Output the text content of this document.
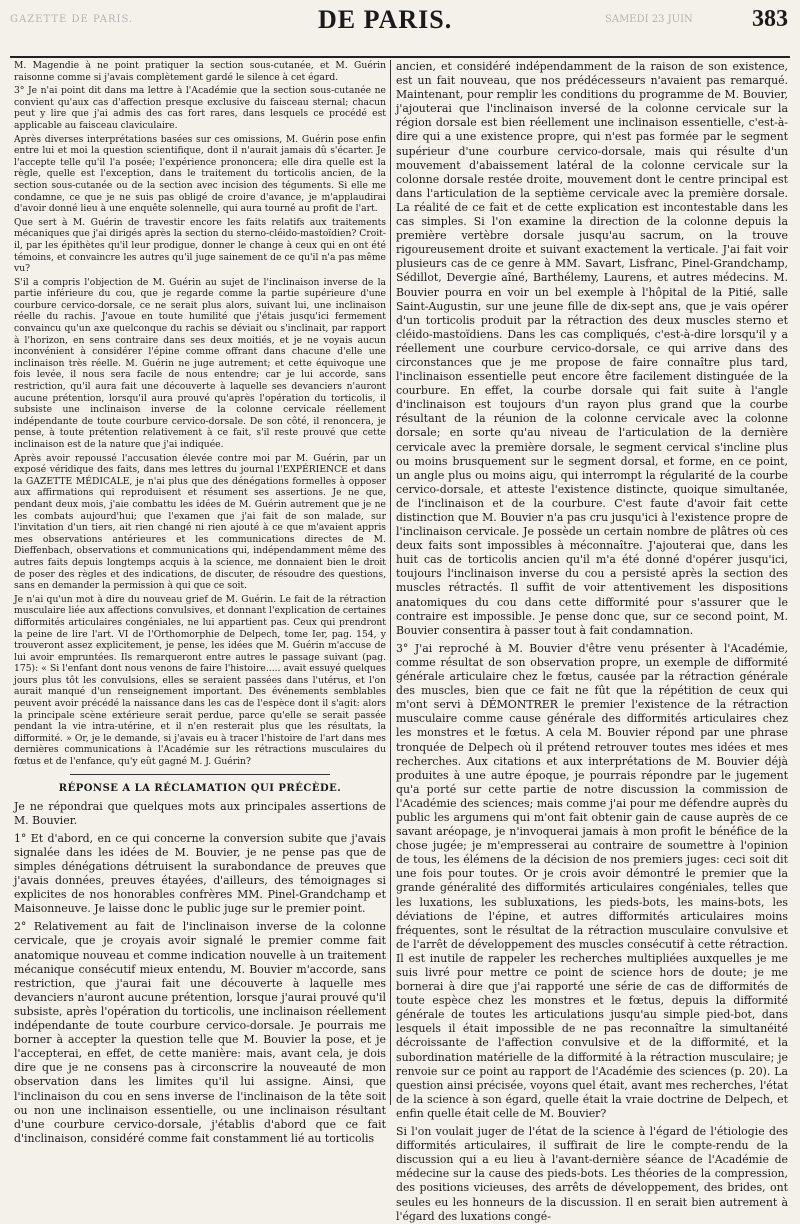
GAZETTE DE PARIS.	DE PARIS.	SAMEDI 23 JUIN 383

M. Magendie à ne point pratiquer la section sous-cutanée, et M. Guérin raisonne comme si j'avais complètement gardé le silence à cet égard.

3° Je n'ai point dit dans ma lettre à l'Académie que la section sous-cutanée ne convient qu'aux cas d'affection presque exclusive du faisceau sternal; chacun peut y lire que j'ai admis des cas fort rares, dans lesquels ce procédé est applicable au faisceau claviculaire.

Après diverses interprétations basées sur ces omissions, M. Guérin pose enfin entre lui et moi la question scientifique, dont il n'aurait jamais dû s'écarter. Je l'accepte telle qu'il l'a posée; l'expérience prononcera; elle dira quelle est la règle, quelle est l'exception, dans le traitement du torticolis ancien, de la section sous-cutanée ou de la section avec incision des téguments. Si elle me condamne, ce que je ne suis pas obligé de croire d'avance, je m'applaudirai d'avoir donné lieu à une enquête solennelle, qui aura tourné au profit de l'art.

Que sert à M. Guérin de travestir encore les faits relatifs aux traitements mécaniques que j'ai dirigés après la section du sterno-cléido-mastoïdien? Croit-il, par les épithètes qu'il leur prodigue, donner le change à ceux qui en ont été témoins, et convaincre les autres qu'il juge sainement de ce qu'il n'a pas même vu?

S'il a compris l'objection de M. Guérin au sujet de l'inclinaison inverse de la partie inférieure du cou, que je regarde comme la partie supérieure d'une courbure cervico-dorsale, ce ne serait plus alors, suivant lui, une inclinaison réelle du rachis. J'avoue en toute humilité que j'étais jusqu'ici fermement convaincu qu'un axe quelconque du rachis se déviait ou s'inclinait, par rapport à l'horizon, en sens contraire dans ses deux moitiés, et je ne voyais aucun inconvénient à considérer l'épine comme offrant dans chacune d'elle une inclinaison très réelle. M. Guérin ne juge autrement; et cette équivoque une fois levée, il nous sera facile de nous entendre; car je lui accorde, sans restriction, qu'il aura fait une découverte à laquelle ses devanciers n'auront aucune prétention, lorsqu'il aura prouvé qu'après l'opération du torticolis, il subsiste une inclinaison inverse de la colonne cervicale réellement indépendante de toute courbure cervico-dorsale. De son côté, il renoncera, je pense, à toute prétention relativement à ce fait, s'il reste prouvé que cette inclinaison est de la nature que j'ai indiquée.

Après avoir repoussé l'accusation élevée contre moi par M. Guérin, par un exposé véridique des faits, dans mes lettres du journal l'EXPÉRIENCE et dans la GAZETTE MÉDICALE, je n'ai plus que des dénégations formelles à opposer aux affirmations qui reproduisent et résument ses assertions. Je ne que, pendant deux mois, j'aie combattu les idées de M. Guérin autrement que je ne les combats aujourd'hui; que l'examen que j'ai fait de son malade, sur l'invitation d'un tiers, ait rien changé ni rien ajouté à ce que m'avaient appris mes observations antérieures et les communications directes de M. Dieffenbach, observations et communications qui, indépendamment même des autres faits depuis longtemps acquis à la science, me donnaient bien le droit de poser des règles et des indications, de discuter, de résoudre des questions, sans en demander la permission à qui que ce soit.

Je n'ai qu'un mot à dire du nouveau grief de M. Guérin. Le fait de la rétraction musculaire liée aux affections convulsives, et donnant l'explication de certaines difformités articulaires congéniales, ne lui appartient pas. Ceux qui prendront la peine de lire l'art. VI de l'Orthomorphie de Delpech, tome Ier, pag. 154, y trouveront assez explicitement, je pense, les idées que M. Guérin m'accuse de lui avoir empruntées. Ils remarqueront entre autres le passage suivant (pag. 175): « Si l'enfant dont nous venons de faire l'histoire..... avait essuyé quelques jours plus tôt les convulsions, elles se seraient passées dans l'utérus, et l'on aurait manqué d'un renseignement important. Des événements semblables peuvent avoir précédé la naissance dans les cas de l'espèce dont il s'agit: alors la principale scène extérieure serait perdue, parce qu'elle se serait passée pendant la vie intra-utérine, et il n'en resterait plus que les résultats, la difformité. » Or, je le demande, si j'avais eu à tracer l'histoire de l'art dans mes dernières communications à l'Académie sur les rétractions musculaires du fœtus et de l'enfance, qu'y eût gagné M. J. Guérin?

RÉPONSE A LA RÉCLAMATION QUI PRÉCÈDE.

Je ne répondrai que quelques mots aux principales assertions de M. Bouvier.

1° Et d'abord, en ce qui concerne la conversion subite que j'avais signalée dans les idées de M. Bouvier, je ne pense pas que de simples dénégations détruisent la surabondance de preuves que j'avais données, preuves étayées, d'ailleurs, des témoignages si explicites de nos honorables confrères MM. Pinel-Grandchamp et Maisonneuve. Je laisse donc le public juge sur le premier point.

2° Relativement au fait de l'inclinaison inverse de la colonne cervicale, que je croyais avoir signalé le premier comme fait anatomique nouveau et comme indication nouvelle à un traitement mécanique consécutif mieux entendu, M. Bouvier m'accorde, sans restriction, que j'aurai fait une découverte à laquelle mes devanciers n'auront aucune prétention, lorsque j'aurai prouvé qu'il subsiste, après l'opération du torticolis, une inclinaison réellement indépendante de toute courbure cervico-dorsale. Je pourrais me borner à accepter la question telle que M. Bouvier la pose, et je l'accepterai, en effet, de cette manière: mais, avant cela, je dois dire que je ne consens pas à circonscrire la nouveauté de mon observation dans les limites qu'il lui assigne. Ainsi, que l'inclinaison du cou en sens inverse de l'inclinaison de la tête soit ou non une inclinaison essentielle, ou une inclinaison résultant d'une courbure cervico-dorsale, j'établis d'abord que ce fait d'inclinaison, considéré comme fait constamment lié au torticolis

ancien, et considéré indépendamment de la raison de son existence, est un fait nouveau, que nos prédécesseurs n'avaient pas remarqué. Maintenant, pour remplir les conditions du programme de M. Bouvier, j'ajouterai que l'inclinaison inversé de la colonne cervicale sur la région dorsale est bien réellement une inclinaison essentielle, c'est-à-dire qui a une existence propre, qui n'est pas formée par le segment supérieur d'une courbure cervico-dorsale, mais qui résulte d'un mouvement d'abaissement latéral de la colonne cervicale sur la colonne dorsale restée droite, mouvement dont le centre principal est dans l'articulation de la septième cervicale avec la première dorsale. La réalité de ce fait et de cette explication est incontestable dans les cas simples. Si l'on examine la direction de la colonne depuis la première vertèbre dorsale jusqu'au sacrum, on la trouve rigoureusement droite et suivant exactement la verticale. J'ai fait voir plusieurs cas de ce genre à MM. Savart, Lisfranc, Pinel-Grandchamp, Sédillot, Devergie aîné, Barthélemy, Laurens, et autres médecins. M. Bouvier pourra en voir un bel exemple à l'hôpital de la Pitié, salle Saint-Augustin, sur une jeune fille de dix-sept ans, que je vais opérer d'un torticolis produit par la rétraction des deux muscles sterno et cléido-mastoïdiens. Dans les cas compliqués, c'est-à-dire lorsqu'il y a réellement une courbure cervico-dorsale, ce qui arrive dans des circonstances que je me propose de faire connaître plus tard, l'inclinaison essentielle peut encore être facilement distinguée de la courbure. En effet, la courbe dorsale qui fait suite à l'angle d'inclinaison est toujours d'un rayon plus grand que la courbe résultant de la réunion de la colonne cervicale avec la colonne dorsale; en sorte qu'au niveau de l'articulation de la dernière cervicale avec la première dorsale, le segment cervical s'incline plus ou moins brusquement sur le segment dorsal, et forme, en ce point, un angle plus ou moins aigu, qui interrompt la régularité de la courbe cervico-dorsale, et atteste l'existence distincte, quoique simultanée, de l'inclinaison et de la courbure. C'est faute d'avoir fait cette distinction que M. Bouvier n'a pas cru jusqu'ici à l'existence propre de l'inclinaison cervicale. Je possède un certain nombre de plâtres où ces deux faits sont impossibles à méconnaître. J'ajouterai que, dans les huit cas de torticolis ancien qu'il m'a été donné d'opérer jusqu'ici, toujours l'inclinaison inverse du cou a persisté après la section des muscles rétractés. Il suffit de voir attentivement les dispositions anatomiques du cou dans cette difformité pour s'assurer que le contraire est impossible. Je pense donc que, sur ce second point, M. Bouvier consentira à passer tout à fait condamnation.

3° J'ai reproché à M. Bouvier d'être venu présenter à l'Académie, comme résultat de son observation propre, un exemple de difformité générale articulaire chez le fœtus, causée par la rétraction générale des muscles, bien que ce fait ne fût que la répétition de ceux qui m'ont servi à DÉMONTRER le premier l'existence de la rétraction musculaire comme cause générale des difformités articulaires chez les monstres et le fœtus. A cela M. Bouvier répond par une phrase tronquée de Delpech où il prétend retrouver toutes mes idées et mes recherches. Aux citations et aux interprétations de M. Bouvier déjà produites à une autre époque, je pourrais répondre par le jugement qu'a porté sur cette partie de notre discussion la commission de l'Académie des sciences; mais comme j'ai pour me défendre auprès du public les argumens qui m'ont fait obtenir gain de cause auprès de ce savant aréopage, je n'invoquerai jamais à mon profit le bénéfice de la chose jugée; je m'empresserai au contraire de soumettre à l'opinion de tous, les élémens de la décision de nos premiers juges: ceci soit dit une fois pour toutes. Or je crois avoir démontré le premier que la grande généralité des difformités articulaires congéniales, telles que les luxations, les subluxations, les pieds-bots, les mains-bots, les déviations de l'épine, et autres difformités articulaires moins fréquentes, sont le résultat de la rétraction musculaire convulsive et de l'arrêt de développement des muscles consécutif à cette rétraction. Il est inutile de rappeler les recherches multipliées auxquelles je me suis livré pour mettre ce point de science hors de doute; je me bornerai à dire que j'ai rapporté une série de cas de difformités de toute espèce chez les monstres et le fœtus, depuis la difformité générale de toutes les articulations jusqu'au simple pied-bot, dans lesquels il était impossible de ne pas reconnaître la simultanéité décroissante de l'affection convulsive et de la difformité, et la subordination matérielle de la difformité à la rétraction musculaire; je renvoie sur ce point au rapport de l'Académie des sciences (p. 20). La question ainsi précisée, voyons quel était, avant mes recherches, l'état de la science à son égard, quelle était la vraie doctrine de Delpech, et enfin quelle était celle de M. Bouvier?

Si l'on voulait juger de l'état de la science à l'égard de l'étiologie des difformités articulaires, il suffirait de lire le compte-rendu de la discussion qui a eu lieu à l'avant-dernière séance de l'Académie de médecine sur la cause des pieds-bots. Les théories de la compression, des positions vicieuses, des arrêts de développement, des brides, ont seules eu les honneurs de la discussion. Il en serait bien autrement à l'égard des luxations congé-
